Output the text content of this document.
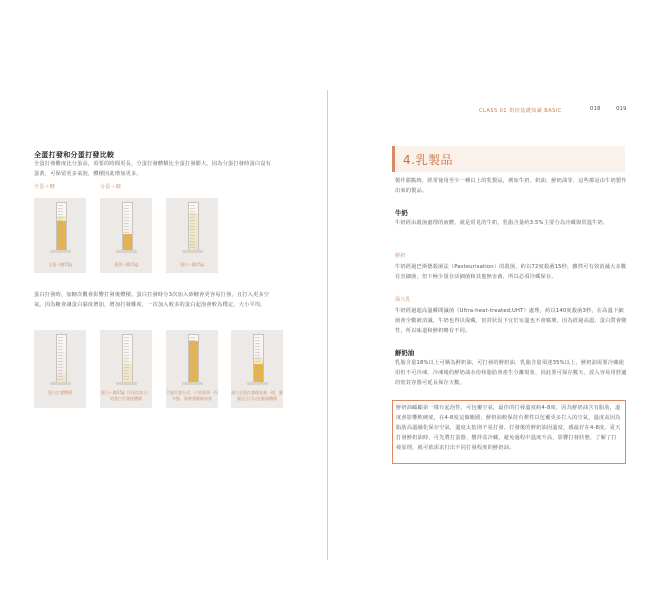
全蛋打發和分蛋打發比較
全蛋打發難度比分蛋高，須要的時間更長，分蛋打發體積比全蛋打發膨大，因為分蛋打發時蛋白沒有蛋黃，可保留更多氣泡，體積因此增加更多。
全蛋＋糖	分蛋＋糖
全蛋＋糖15g	蛋黃＋糖15g	蛋白＋糖15g
蛋白打發時，加糖次數會影響打發後體積。蛋白打發時分3次加入砂糖會更容易打發，且打入更多空氣。因為糖會讓蛋白黏度增加，增加打發難度，一次加入較多的蛋白起泡會較為穩定，大小平均。
蛋白打發體積	蛋白＋糖15g（1份次加入）的蛋白打發後體積
不論打發方式，只要蛋黃一份多態，都會發膨脹效果
蛋白全蛋打發後容量一樣，膨脹完全可以在膨脹體積
CLASS 01 烘焙基礎知識 BASIC	018	019
4.乳製品
製作甜點時，經常使用至少一種以上的乳製品，例如牛奶、奶油、鮮奶油等，這些都是由牛奶製作出來的製品。
牛奶
牛奶經由殺菌處理的液體，就是常見的牛奶，乳脂含量約3.5%主要分為冷藏與常溫牛奶。
鮮奶
牛奶經過巴斯德殺菌法（Pasteurisation）的殺菌，約以72度殺菌15秒，雖然可有效消滅大多數有害細菌，但下極少量存活細菌和其他無害菌，所以必須冷藏保存。
保久乳
牛奶經過超高溫瞬間滅菌（Ultra-heat-treated,UHT）處理，約以140度殺菌3秒，在高溫下細菌會全數被消滅，牛奶也得以保藏，密封狀況下宜於室溫也不會腐壞。因為經過高溫，蛋白質會變性，所以味道和鮮奶略有不同。
鮮奶油
乳脂含量18%以上可稱為鮮奶油，可打發的鮮奶油，乳脂含量須達35%以上，鮮奶油需要冷藏使用但不可冷凍，冷凍後的鮮奶油水份和脂肪會產生分離現象，因此要可保存數天，放入容易用舒適的密封容器可延長保存天數。
鮮奶油顧顧第一樣有起泡性，可包覆空氣，最佳的打發溫度約4-8度，因為鮮奶油含有脂肪，溫度會影響軟硬度，在4-8度這個範圍，鮮奶油較保持有彈性以包覆更多打入的空氣，溫度高因為脂肪高溫融化保存空氣，溫度太低則不易打發。打發後的鮮奶油因溫度，感最好在4-8度。夏天打發鮮奶油時，可先將打蛋器、攪拌盆冷藏，避免過程中溫度升高，影響打發狀態，了解了打發原理，就可依需求打出不同打發程度的鮮奶油。
